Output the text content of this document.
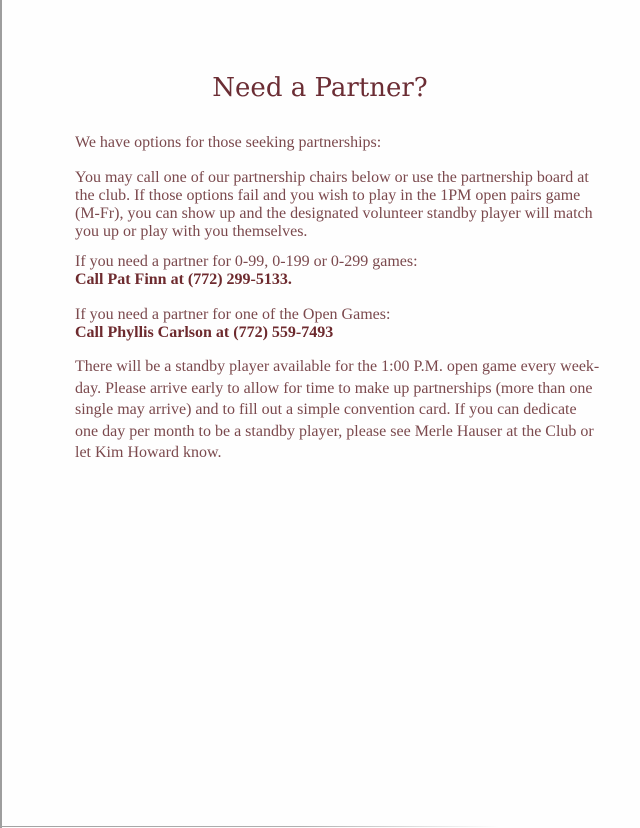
Need a Partner?

We have options for those seeking partnerships:

You may call one of our partnership chairs below or use the partnership board at
the club. If those options fail and you wish to play in the 1PM open pairs game
(M-Fr), you can show up and the designated volunteer standby player will match
you up or play with you themselves.

If you need a partner for 0-99, 0-199 or 0-299 games:

Call Pat Finn at (772) 299-5133.

If you need a partner for one of the Open Games:

Call Phyllis Carlson at (772) 559-7493

There will be a standby player available for the 1:00 P.M. open game every week-
day. Please arrive early to allow for time to make up partnerships (more than one
single may arrive) and to fill out a simple convention card. If you can dedicate
one day per month to be a standby player, please see Merle Hauser at the Club or
let Kim Howard know.
